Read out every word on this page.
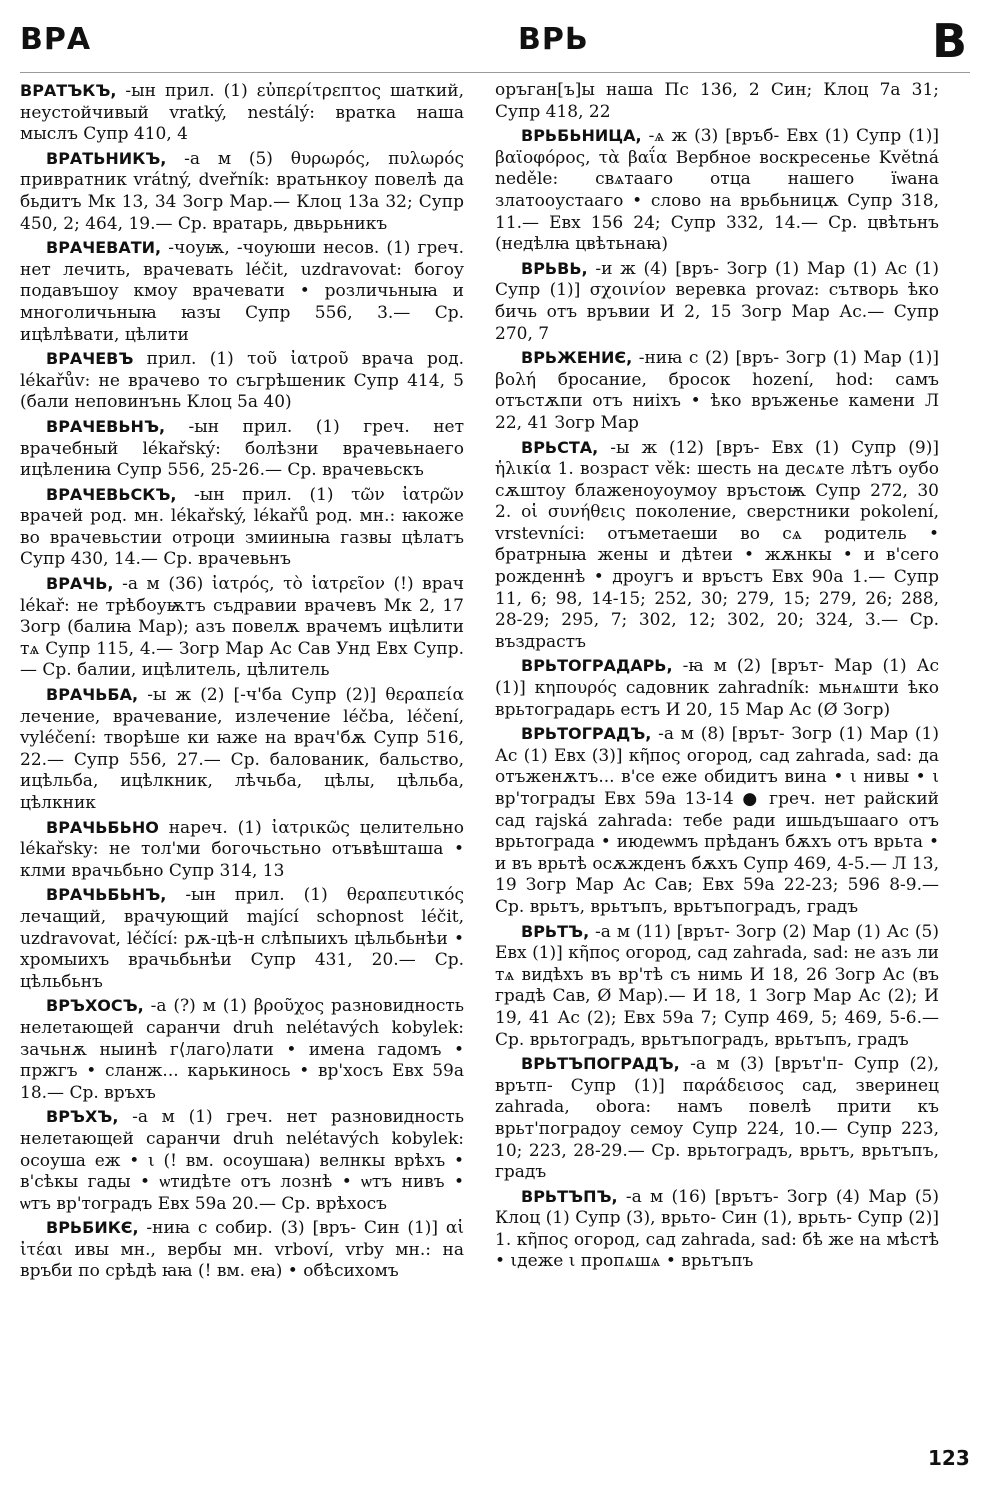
ВРА	ВРЬ	В

ВРАТЪКЪ, -ын прил. (1) εὐπερίτρεπτος шаткий, неустойчивый vratký, nestálý: вратка наша мыслъ Супр 410, 4

ВРАТЬНИКЪ, -а м (5) θυρωρός, πυλωρός привратник vrátný, dveřník: вратьнкоу повелѣ да бьдитъ Мк 13, 34 Зогр Мар.— Клоц 13а 32; Супр 450, 2; 464, 19.— Ср. вратарь, двьрьникъ

ВРАЧЕВАТИ, -чоуѭ, -чоуюши несов. (1) греч. нет лечить, врачевать léčit, uzdravovat: богоу подавъшоу кмоу врачевати • розличьныꙗ и многоличьныꙗ ꙗзꙑ Супр 556, 3.— Ср. ицѣлѣвати, цѣлити

ВРАЧЕВЪ прил. (1) τοῦ ἰατροῦ врача род. lékařův: не врачево то съгрѣшеник Супр 414, 5 (бали неповинънь Клоц 5а 40)

ВРАЧЕВЬНЪ, -ын прил. (1) греч. нет врачебный lékařský: болѣзни врачевьнаего ицѣлениꙗ Супр 556, 25-26.— Ср. врачевьскъ

ВРАЧЕВЬСКЪ, -ын прил. (1) τῶν ἰατρῶν врачей род. мн. lékařský, lékařů род. мн.: ꙗкоже во врачевьстии отроци змииныꙗ газвы цѣлатъ Супр 430, 14.— Ср. врачевьнъ

ВРАЧЬ, -а м (36) ἰατρός, τὸ ἰατρεῖον (!) врач lékař: не трѣбоуѭтъ съдравии врачевъ Мк 2, 17 Зогр (балиꙗ Мар); азъ повелѫ врачемъ ицѣлити тѧ Супр 115, 4.— Зогр Мар Ас Сав Унд Евх Супр.— Ср. балии, ицѣлитель, цѣлитель

ВРАЧЬБА, -ы ж (2) [-ч'ба Супр (2)] θεραπεία лечение, врачевание, излечение léčba, léčení, vyléčení: творѣше ки ꙗже на врач'бѫ Супр 516, 22.— Супр 556, 27.— Ср. балованик, бальство, ицѣльба, ицѣлкник, лѣчьба, цѣлы, цѣльба, цѣлкник

ВРАЧЬБЬНО нареч. (1) ἰατρικῶς целительно lékařsky: не тол'ми богочьстьно отъвѣшташа • клми врачьбьно Супр 314, 13

ВРАЧЬБЬНЪ, -ын прил. (1) θεραπευτικός лечащий, врачующий mající schopnost léčit, uzdravovat, léčící: рѫ-цѣ-н слѣпыихъ цѣльбьнѣи • хромыихъ врачьбьнѣи Супр 431, 20.— Ср. цѣльбьнъ

ВРЪХОСЪ, -а (?) м (1) βροῦχος разновидность нелетающей саранчи druh nelétavých kobylek: зачьнѫ ныинѣ г⟨лаго⟩лати • имена гадомъ • пржгъ • сланж... карькинось • вр'хосъ Евх 59а 18.— Ср. връхъ

ВРЪХЪ, -а м (1) греч. нет разновидность нелетающей саранчи druh nelétavých kobylek: осоуша еж • ι (! вм. осоушаꙗ) велнкы врѣхъ • в'сѣкы гады • ѡтидѣте отъ лознѣ • ѡтъ нивъ • ѡтъ вр'тоградъ Евх 59а 20.— Ср. врѣхосъ

ВРЬБИКЄ, -ниꙗ с собир. (3) [връ- Син (1)] αἱ ἰτέαι ивы мн., вербы мн. vrboví, vrby мн.: на връби по срѣдѣ ꙗꙗ (! вм. еꙗ) • обѣсихомъ

оръган[ъ]ы наша Пс 136, 2 Син; Клоц 7а 31; Супр 418, 22

ВРЬБЬНИЦА, -ѧ ж (3) [връб- Евх (1) Супр (1)] βαϊοφόρος, τὰ βαΐα Вербное воскресенье Květná neděle: свѧтааго отца нашего їѡана златооустааго • слово на врьбьницѫ Супр 318, 11.— Евх 156 24; Супр 332, 14.— Ср. цвѣтьнъ (недѣлꙗ цвѣтьнаꙗ)

ВРЬВЬ, -и ж (4) [връ- Зогр (1) Мар (1) Ас (1) Супр (1)] σχοινίον веревка provaz: сътворь ѣко бичь отъ връвии И 2, 15 Зогр Мар Ас.— Супр 270, 7

ВРЬЖЕНИЄ, -ниꙗ с (2) [връ- Зогр (1) Мар (1)] βολή бросание, бросок hození, hod: самъ отъстѫпи отъ ниіхъ • ѣко връженье камени Л 22, 41 Зогр Мар

ВРЬСТА, -ы ж (12) [връ- Евх (1) Супр (9)] ἡλικία 1. возраст věk: шесть на десѧте лѣтъ оубо сѫштоу блаженоуоумоу връстоѭ Супр 272, 30 2. οἱ συνήθεις поколение, сверстники pokolení, vrstevníci: отъметаеши во сѧ родитель • братрныꙗ жены и дѣтеи • жѫнкы • и в'сего рожденнѣ • дроугъ и връстъ Евх 90а 1.— Супр 11, 6; 98, 14-15; 252, 30; 279, 15; 279, 26; 288, 28-29; 295, 7; 302, 12; 302, 20; 324, 3.— Ср. въздрастъ

ВРЬТОГРАДАРЬ, -ꙗ м (2) [врът- Мар (1) Ас (1)] κηπουρός садовник zahradník: мьнѧшти ѣко врьтоградарь естъ И 20, 15 Мар Ас (Ø Зогр)

ВРЬТОГРАДЪ, -а м (8) [врът- Зогр (1) Мар (1) Ас (1) Евх (3)] κῆπος огород, сад zahrada, sad: да отъженѫтъ... в'се еже обидитъ вина • ι нивы • ι вр'тоградꙑ Евх 59а 13-14 ● греч. нет райский сад rajská zahrada: тебе ради ишьдъшааго отъ врьтограда • июдеѡмъ прѣданъ бѫхъ отъ врьта • и въ врьтѣ осѫжденъ бѫхъ Супр 469, 4-5.— Л 13, 19 Зогр Мар Ас Сав; Евх 59а 22-23; 596 8-9.— Ср. врьтъ, врьтъпъ, врьтъпоградъ, градъ

ВРЬТЪ, -а м (11) [врът- Зогр (2) Мар (1) Ас (5) Евх (1)] κῆπος огород, сад zahrada, sad: не азъ ли тѧ видѣхъ въ вр'тѣ съ нимь И 18, 26 Зогр Ас (въ градѣ Сав, Ø Мар).— И 18, 1 Зогр Мар Ас (2); И 19, 41 Ас (2); Евх 59а 7; Супр 469, 5; 469, 5-6.— Ср. врьтоградъ, врьтъпоградъ, врьтъпъ, градъ

ВРЬТЪПОГРАДЪ, -а м (3) [врът'п- Супр (2), врътп- Супр (1)] παράδεισος сад, зверинец zahrada, obora: намъ повелѣ прити къ врьт'поградоу семоу Супр 224, 10.— Супр 223, 10; 223, 28-29.— Ср. врьтоградъ, врьтъ, врьтъпъ, градъ

ВРЬТЪПЪ, -а м (16) [врътъ- Зогр (4) Мар (5) Клоц (1) Супр (3), врьто- Син (1), врьть- Супр (2)] 1. κῆπος огород, сад zahrada, sad: бѣ же на мѣстѣ • ιдеже ι пропѧшѧ • врьтъпъ

123
